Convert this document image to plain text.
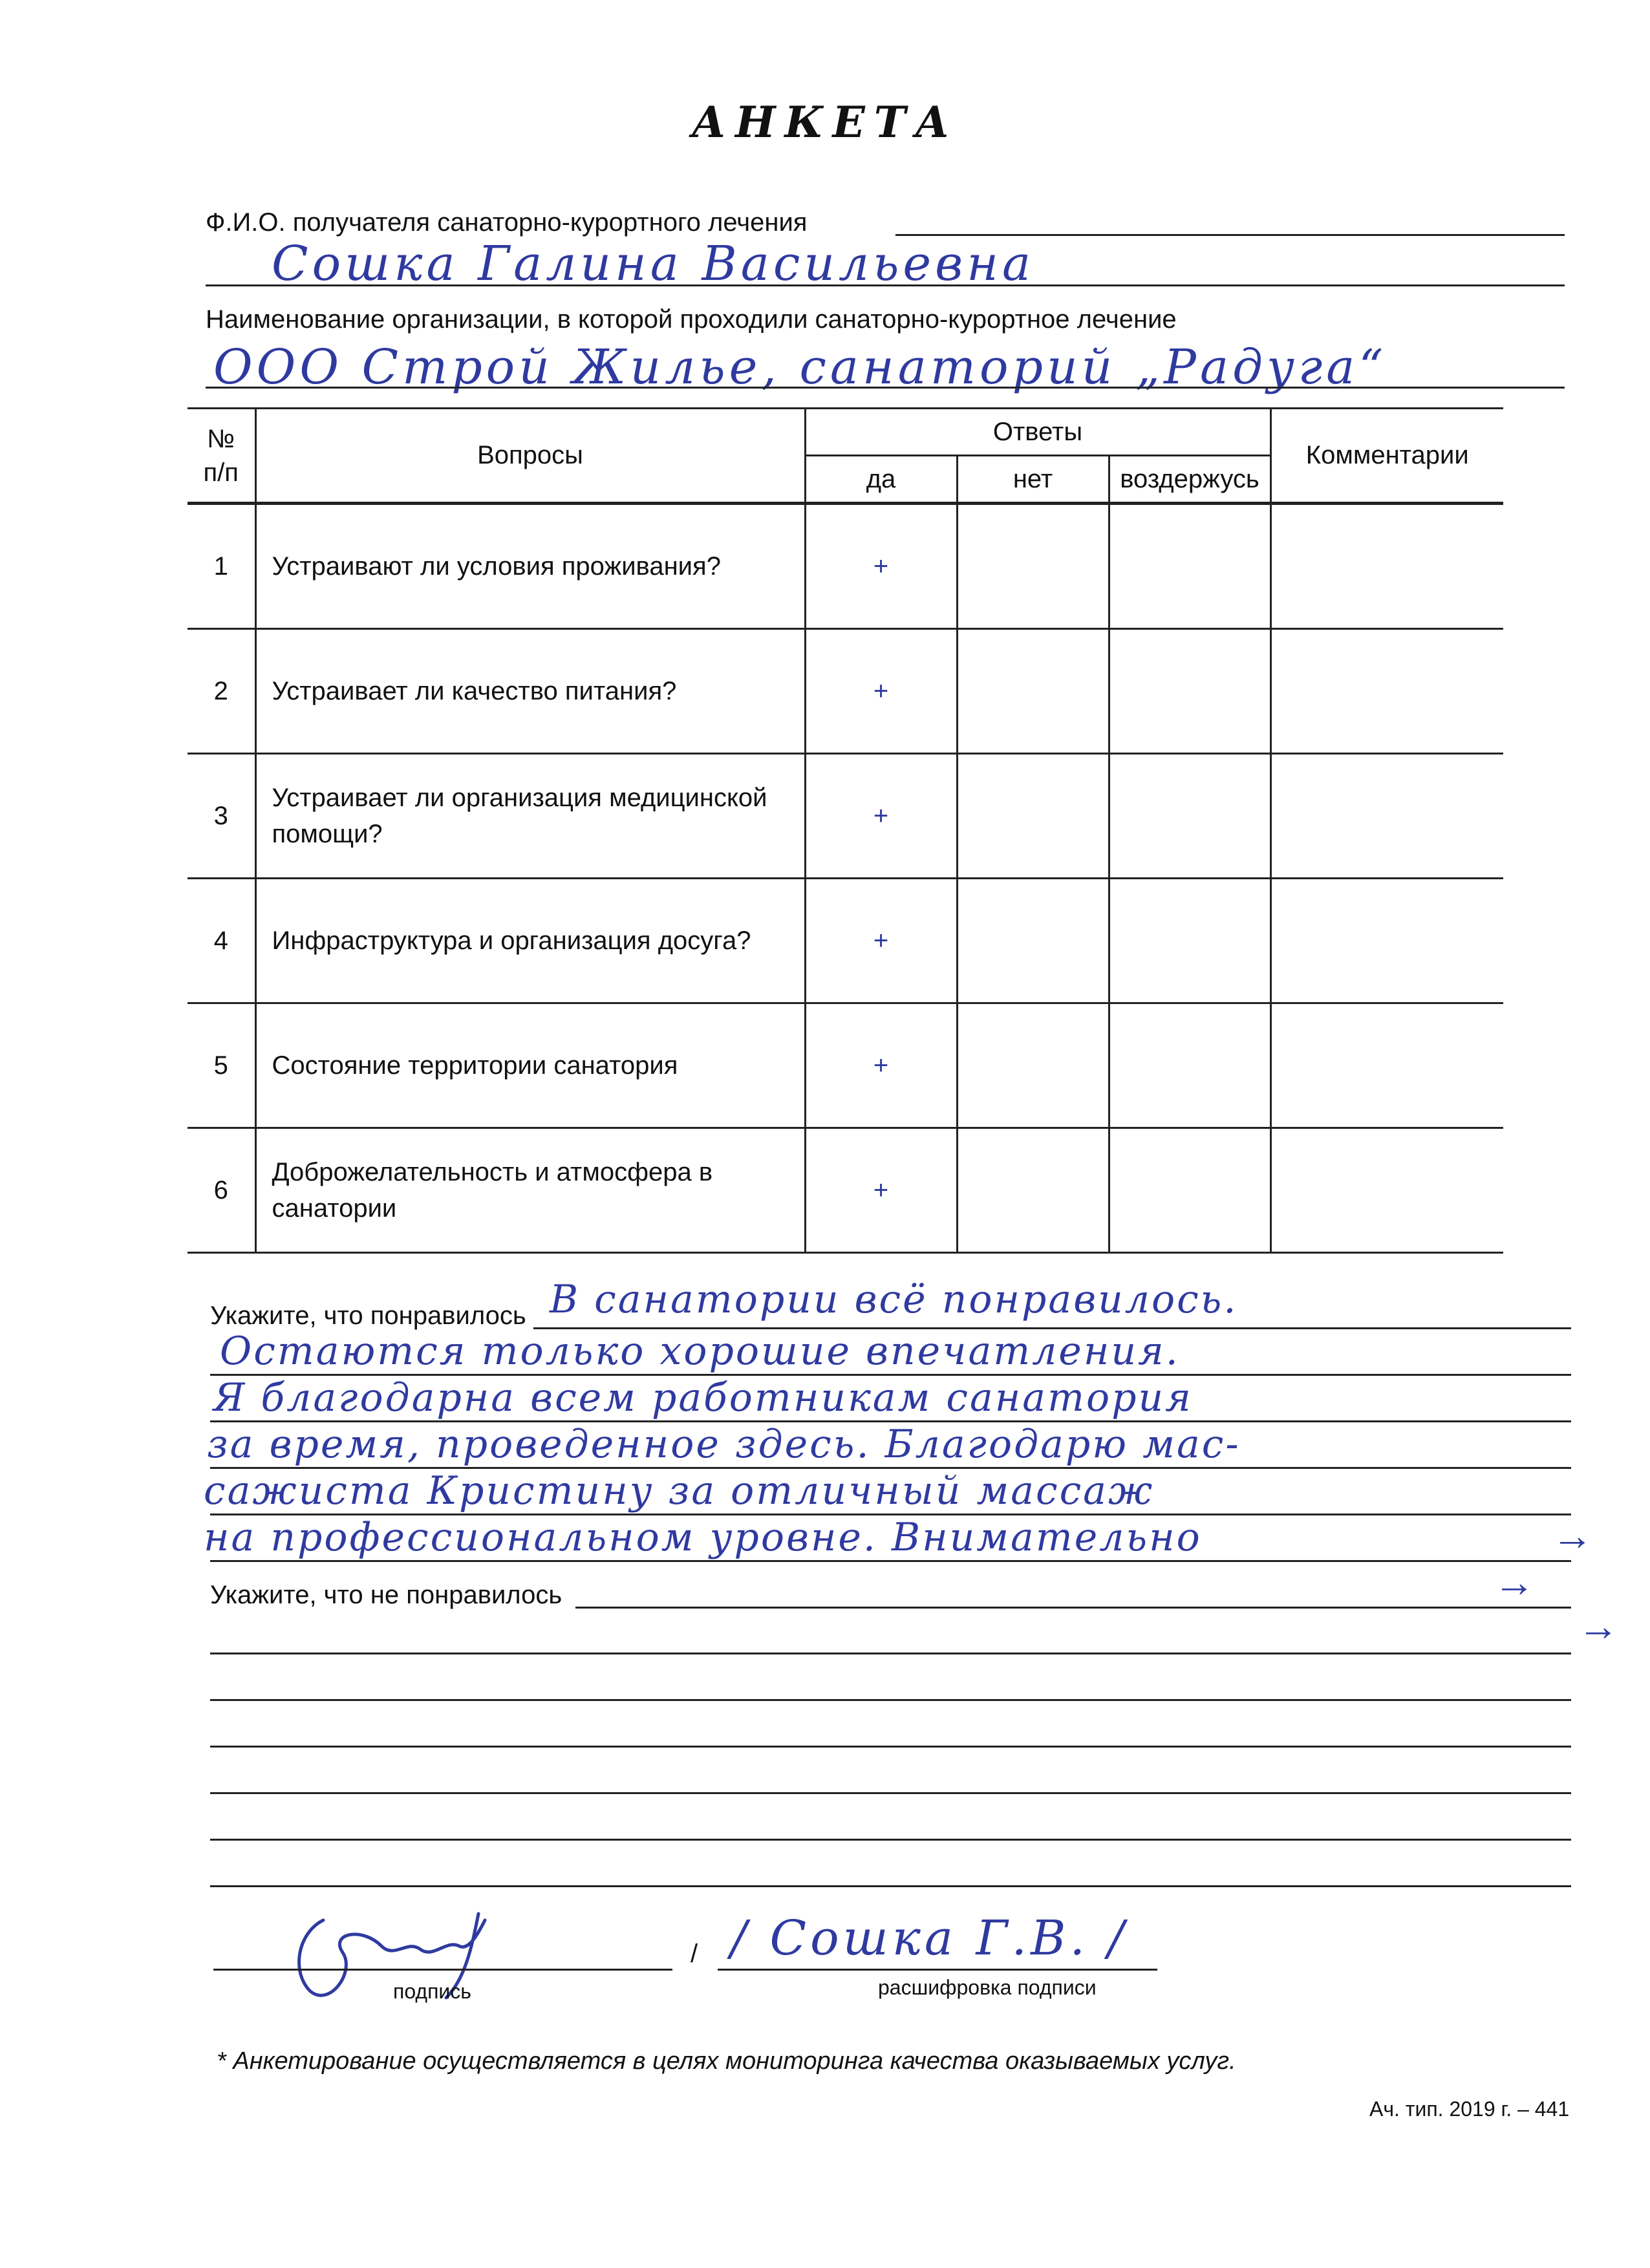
АНКЕТА
Ф.И.О. получателя санаторно-курортного лечения
Сошка Галина Васильевна
Наименование организации, в которой проходили санаторно-курортное лечение
ООО Строй Жилье, санаторий „Радуга“
№
п/п	Вопросы	Ответы			Комментарии
		да	нет	воздержусь	
1	Устраивают ли условия проживания?	+			
2	Устраивает ли качество питания?	+			
3	Устраивает ли организация медицинской помощи?	+			
4	Инфраструктура и организация досуга?	+			
5	Состояние территории санатория	+			
6	Доброжелательность и атмосфера в санатории	+			
Укажите, что понравилось В санатории всё понравилось.
Остаются только хорошие впечатления.
Я благодарна всем работникам санатория
за время, проведенное здесь. Благодарю мас-
сажиста Кристину за отличный массаж
на профессиональном уровне. Внимательно	→
Укажите, что не понравилось	→
→
подпись
/ / Сошка Г.В. /
расшифровка подписи
* Анкетирование осуществляется в целях мониторинга качества оказываемых услуг.
Ач. тип. 2019 г. – 441
